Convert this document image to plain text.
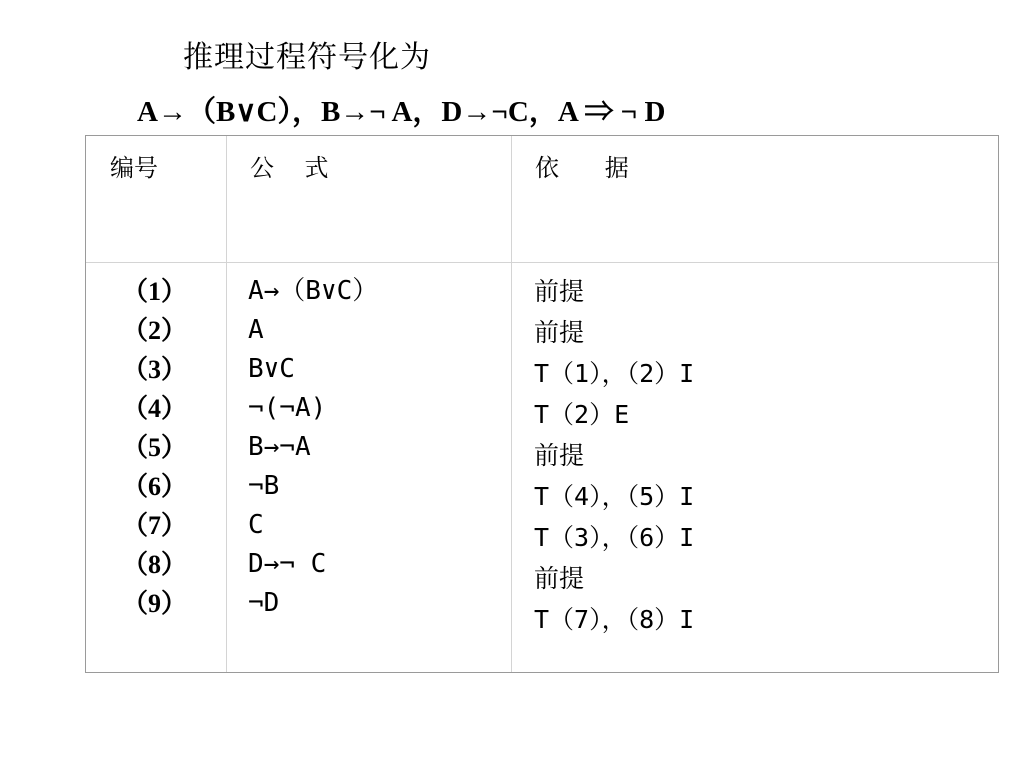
推理过程符号化为
A→（B∨C），B→¬ A，D→¬C，A ⇒ ¬ D
编号	公    式	依      据
（1）
（2）
（3）
（4）
（5）
（6）
（7）
（8）
（9）
A→（B∨C）
A
B∨C
¬(¬A)
B→¬A
¬B
C
D→¬ C
¬D
前提
前提
T（1），（2）I
T（2）E
前提
T（4），（5）I
T（3），（6）I
前提
T（7），（8）I
